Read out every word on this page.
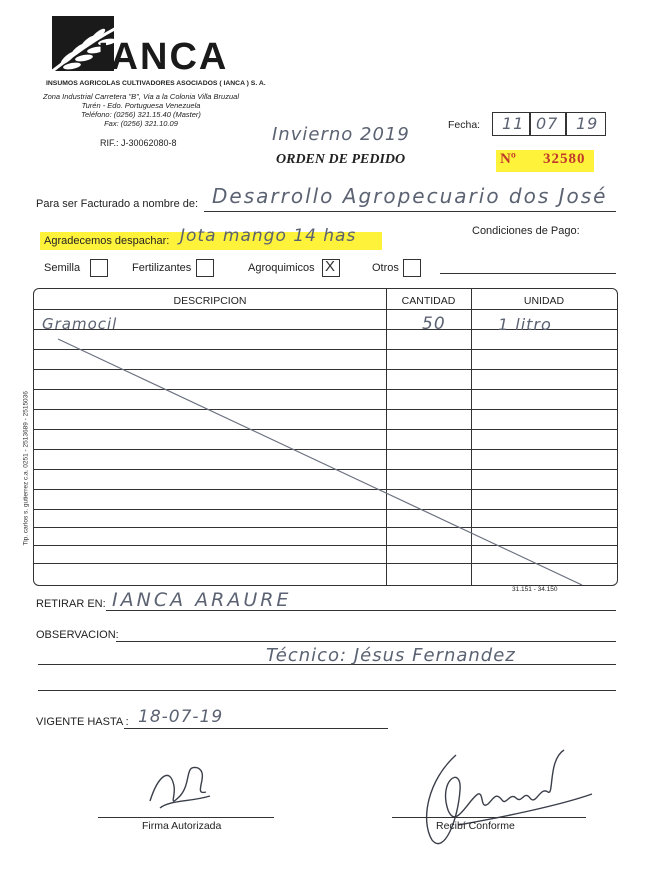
IANCA
INSUMOS AGRICOLAS CULTIVADORES ASOCIADOS ( IANCA ) S. A.
Zona Industrial Carretera "B", Via a la Colonia Villa Bruzual
Turén - Edo. Portuguesa Venezuela
Teléfono: (0256) 321.15.40 (Master)
Fax: (0256) 321.10.09
RIF.: J-30062080-8	Invierno 2019
ORDEN DE PEDIDO
Fecha: 11 07 19
Nº 32580
Para ser Facturado a nombre de: Desarrollo Agropecuario dos José
Agradecemos despachar: Jota mango 14 has	Condiciones de Pago:
Semilla	Fertilizantes	Agroquimicos X	Otros
Tip. carlos s. gutierrez c.a. 0251 - 2513689 - 2515036
DESCRIPCION	CANTIDAD	UNIDAD
Gramocil	50	1 litro
31.151 - 34.150
RETIRAR EN: IANCA ARAURE
OBSERVACION:
Técnico: Jésus Fernandez
VIGENTE HASTA : 18-07-19
Firma Autorizada	Recibí Conforme
